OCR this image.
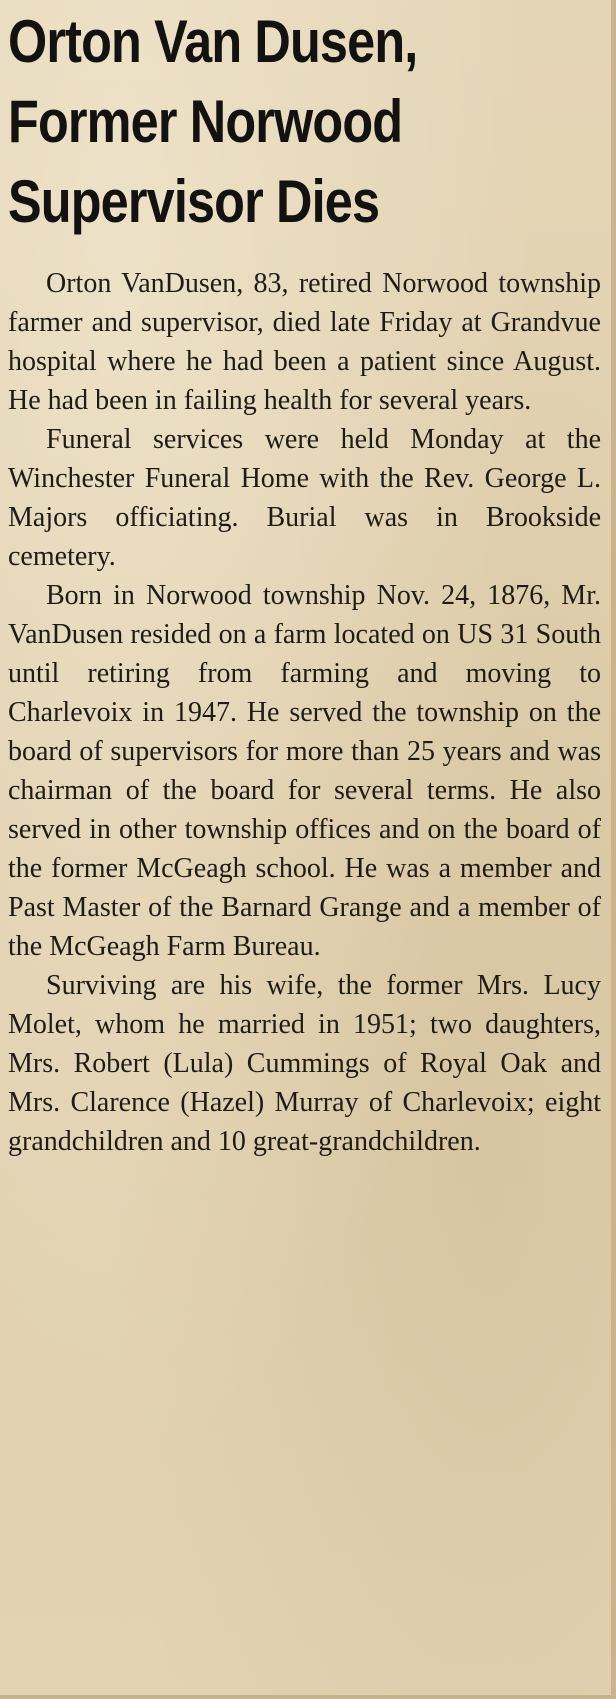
Orton Van Dusen,
Former Norwood
Supervisor Dies

Orton VanDusen, 83, retired Norwood township farmer and supervisor, died late Friday at Grandvue hospital where he had been a patient since August. He had been in failing health for several years.

Funeral services were held Monday at the Winchester Funeral Home with the Rev. George L. Majors officiating. Burial was in Brookside cemetery.

Born in Norwood township Nov. 24, 1876, Mr. VanDusen resided on a farm located on US 31 South until retiring from farming and moving to Charlevoix in 1947. He served the township on the board of supervisors for more than 25 years and was chairman of the board for several terms. He also served in other township offices and on the board of the former McGeagh school. He was a member and Past Master of the Barnard Grange and a member of the McGeagh Farm Bureau.

Surviving are his wife, the former Mrs. Lucy Molet, whom he married in 1951; two daughters, Mrs. Robert (Lula) Cummings of Royal Oak and Mrs. Clarence (Hazel) Murray of Charlevoix; eight grandchildren and 10 great-grandchildren.
